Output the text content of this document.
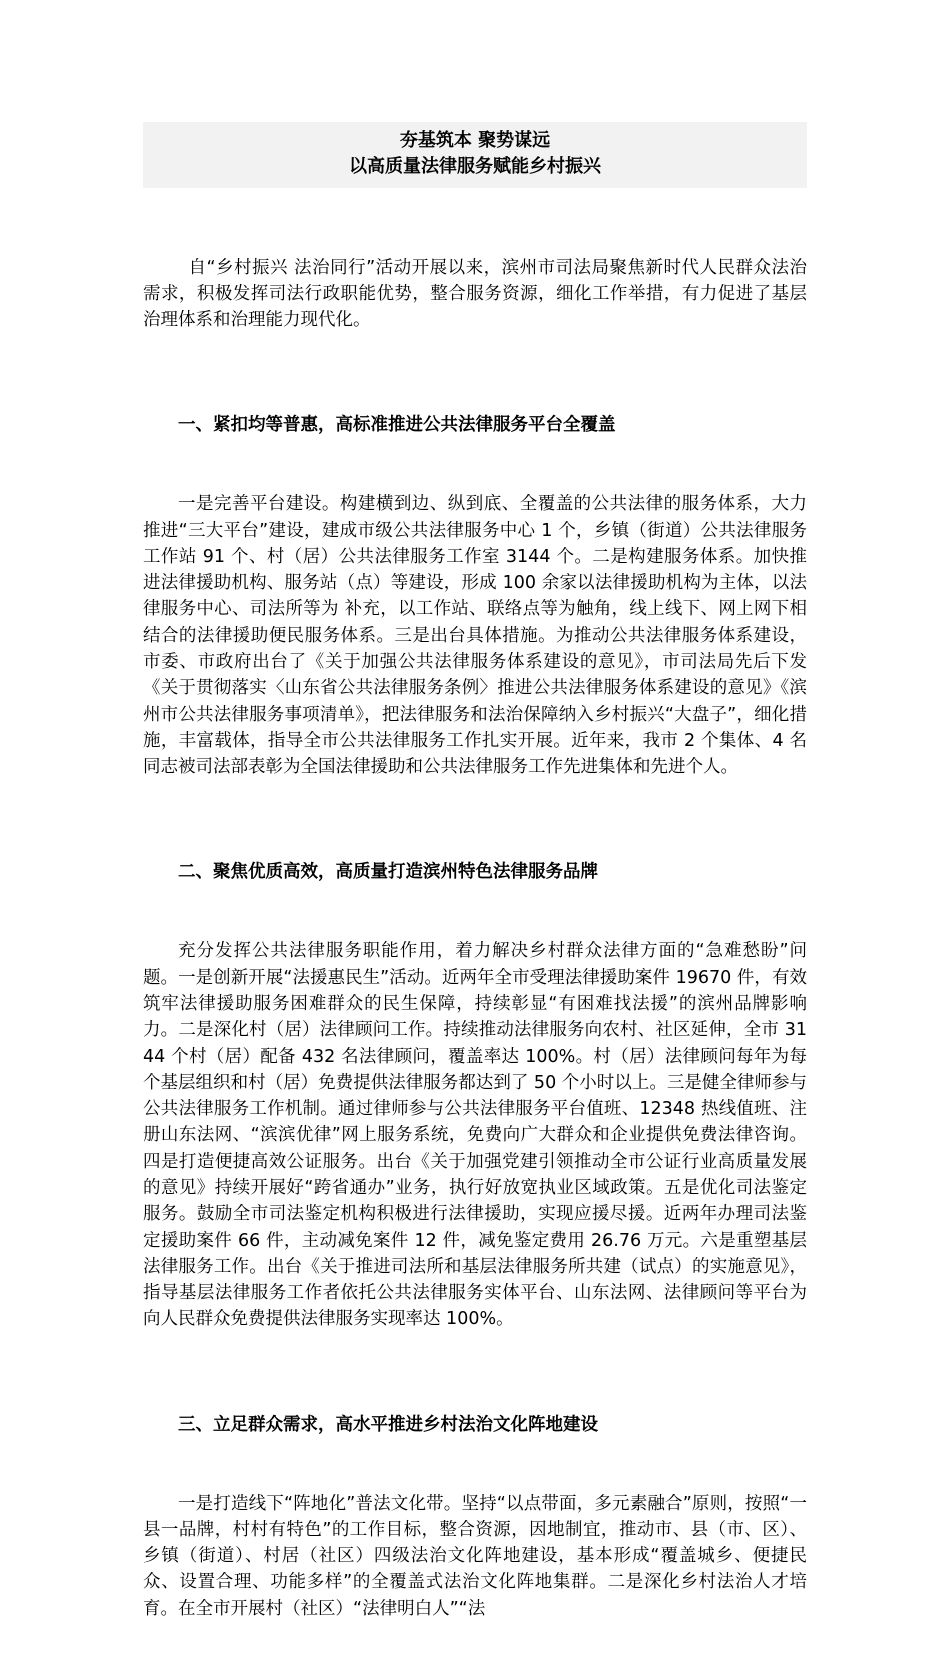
夯基筑本 聚势谋远
以高质量法律服务赋能乡村振兴

自“乡村振兴 法治同行”活动开展以来，滨州市司法局聚焦新时代人民群众法治需求，积极发挥司法行政职能优势，整合服务资源，细化工作举措，有力促进了基层治理体系和治理能力现代化。

一、紧扣均等普惠，高标准推进公共法律服务平台全覆盖

一是完善平台建设。构建横到边、纵到底、全覆盖的公共法律的服务体系，大力推进“三大平台”建设，建成市级公共法律服务中心 1 个，乡镇（街道）公共法律服务工作站 91 个、村（居）公共法律服务工作室 3144 个。二是构建服务体系。加快推进法律援助机构、服务站（点）等建设，形成 100 余家以法律援助机构为主体，以法律服务中心、司法所等为 补充，以工作站、联络点等为触角，线上线下、网上网下相结合的法律援助便民服务体系。三是出台具体措施。为推动公共法律服务体系建设，市委、市政府出台了《关于加强公共法律服务体系建设的意见》，市司法局先后下发《关于贯彻落实〈山东省公共法律服务条例〉推进公共法律服务体系建设的意见》《滨州市公共法律服务事项清单》，把法律服务和法治保障纳入乡村振兴“大盘子”，细化措施，丰富载体，指导全市公共法律服务工作扎实开展。近年来，我市 2 个集体、4 名同志被司法部表彰为全国法律援助和公共法律服务工作先进集体和先进个人。

二、聚焦优质高效，高质量打造滨州特色法律服务品牌

充分发挥公共法律服务职能作用，着力解决乡村群众法律方面的“急难愁盼”问题。一是创新开展“法援惠民生”活动。近两年全市受理法律援助案件 19670 件，有效筑牢法律援助服务困难群众的民生保障，持续彰显“有困难找法援”的滨州品牌影响力。二是深化村（居）法律顾问工作。持续推动法律服务向农村、社区延伸，全市 3144 个村（居）配备 432 名法律顾问，覆盖率达 100%。村（居）法律顾问每年为每个基层组织和村（居）免费提供法律服务都达到了 50 个小时以上。三是健全律师参与公共法律服务工作机制。通过律师参与公共法律服务平台值班、12348 热线值班、注册山东法网、“滨滨优律”网上服务系统，免费向广大群众和企业提供免费法律咨询。四是打造便捷高效公证服务。出台《关于加强党建引领推动全市公证行业高质量发展的意见》持续开展好“跨省通办”业务，执行好放宽执业区域政策。五是优化司法鉴定服务。鼓励全市司法鉴定机构积极进行法律援助，实现应援尽援。近两年办理司法鉴定援助案件 66 件，主动减免案件 12 件，减免鉴定费用 26.76 万元。六是重塑基层法律服务工作。出台《关于推进司法所和基层法律服务所共建（试点）的实施意见》，指导基层法律服务工作者依托公共法律服务实体平台、山东法网、法律顾问等平台为向人民群众免费提供法律服务实现率达 100%。

三、立足群众需求，高水平推进乡村法治文化阵地建设

一是打造线下“阵地化”普法文化带。坚持“以点带面，多元素融合”原则，按照“一县一品牌，村村有特色”的工作目标，整合资源，因地制宜，推动市、县（市、区）、乡镇（街道）、村居（社区）四级法治文化阵地建设，基本形成“覆盖城乡、便捷民众、设置合理、功能多样”的全覆盖式法治文化阵地集群。二是深化乡村法治人才培育。在全市开展村（社区）“法律明白人”“法
